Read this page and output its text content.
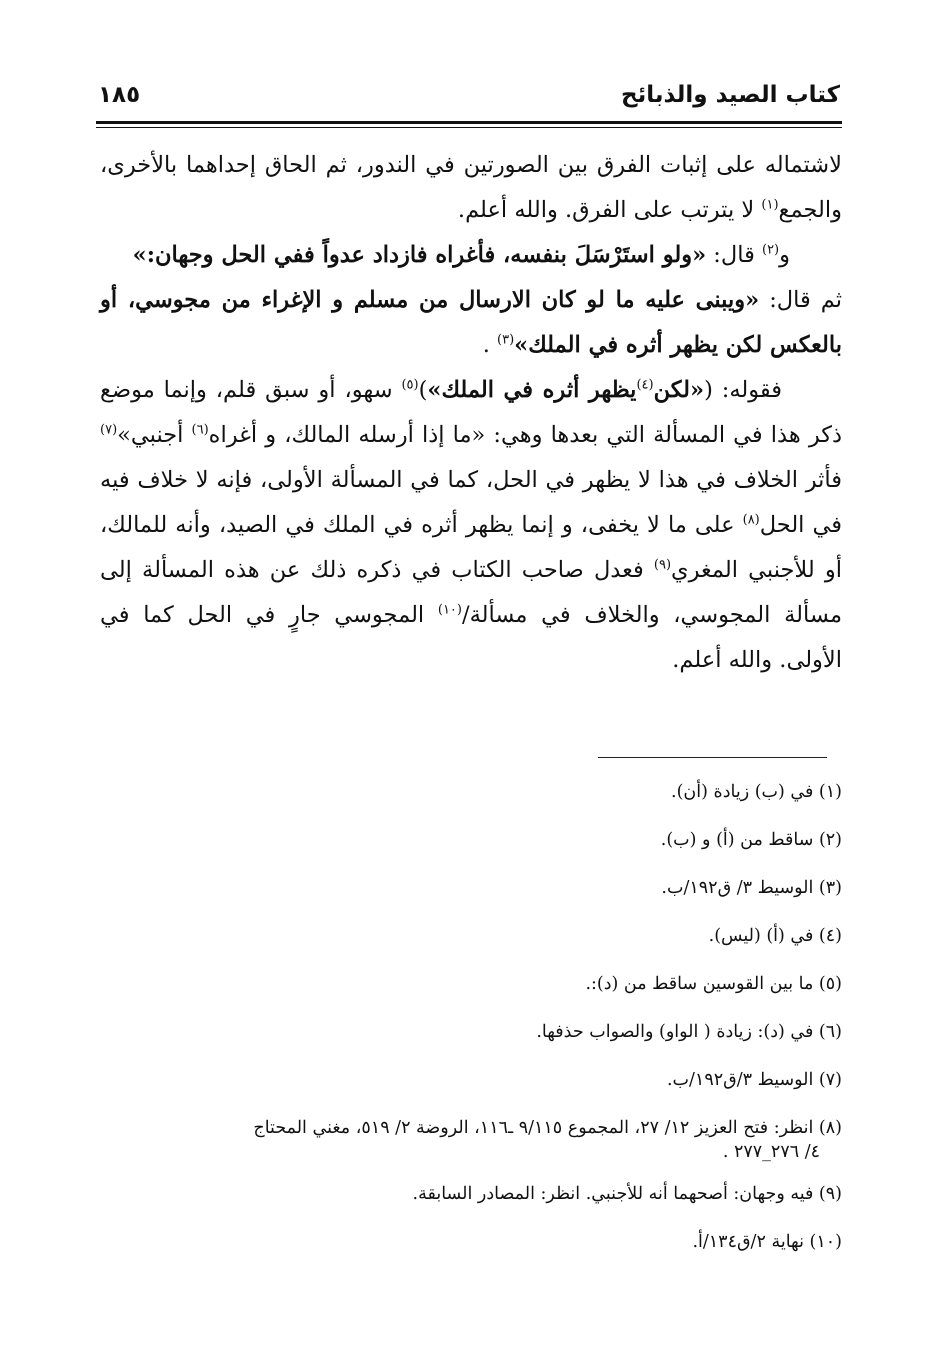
كتاب الصيد والذبائح
١٨٥

لاشتماله على إثبات الفرق بين الصورتين في الندور، ثم الحاق إحداهما بالأخرى، والجمع$^{(١)}$ لا يترتب على الفرق. والله أعلم.

و$^{(٢)}$ قال: «ولو استَرْسَلَ بنفسه، فأغراه فازداد عدواً ففي الحل وجهان:»

ثم قال: «ويبنى عليه ما لو كان الارسال من مسلم و الإغراء من مجوسي، أو بالعكس لكن يظهر أثره في الملك»$^{(٣)}$ .

فقوله: («لكن$^{(٤)}$يظهر أثره في الملك»)$^{(٥)}$ سهو، أو سبق قلم، وإنما موضع ذكر هذا في المسألة التي بعدها وهي: «ما إذا أرسله المالك، و أغراه$^{(٦)}$ أجنبي»$^{(٧)}$ فأثر الخلاف في هذا لا يظهر في الحل، كما في المسألة الأولى، فإنه لا خلاف فيه في الحل$^{(٨)}$ على ما لا يخفى، و إنما يظهر أثره في الملك في الصيد، وأنه للمالك، أو للأجنبي المغري$^{(٩)}$ فعدل صاحب الكتاب في ذكره ذلك عن هذه المسألة إلى مسألة المجوسي، والخلاف في مسألة/$^{(١٠)}$ المجوسي جارٍ في الحل كما في الأولى. والله أعلم.

(١) في (ب) زيادة (أن).

(٢) ساقط من (أ) و (ب).

(٣) الوسيط ٣/ ق١٩٢/ب.

(٤) في (أ) (ليس).

(٥) ما بين القوسين ساقط من (د):.

(٦) في (د): زيادة ( الواو) والصواب حذفها.

(٧) الوسيط ٣/ق١٩٢/ب.

(٨) انظر: فتح العزيز ١٢/ ٢٧، المجموع ٩/١١٥ ـ١١٦، الروضة ٢/ ٥١٩، مغني المحتاج
٤/ ٢٧٦_٢٧٧ .

(٩) فيه وجهان: أصحهما أنه للأجنبي. انظر: المصادر السابقة.

(١٠) نهاية ٢/ق١٣٤/أ.
